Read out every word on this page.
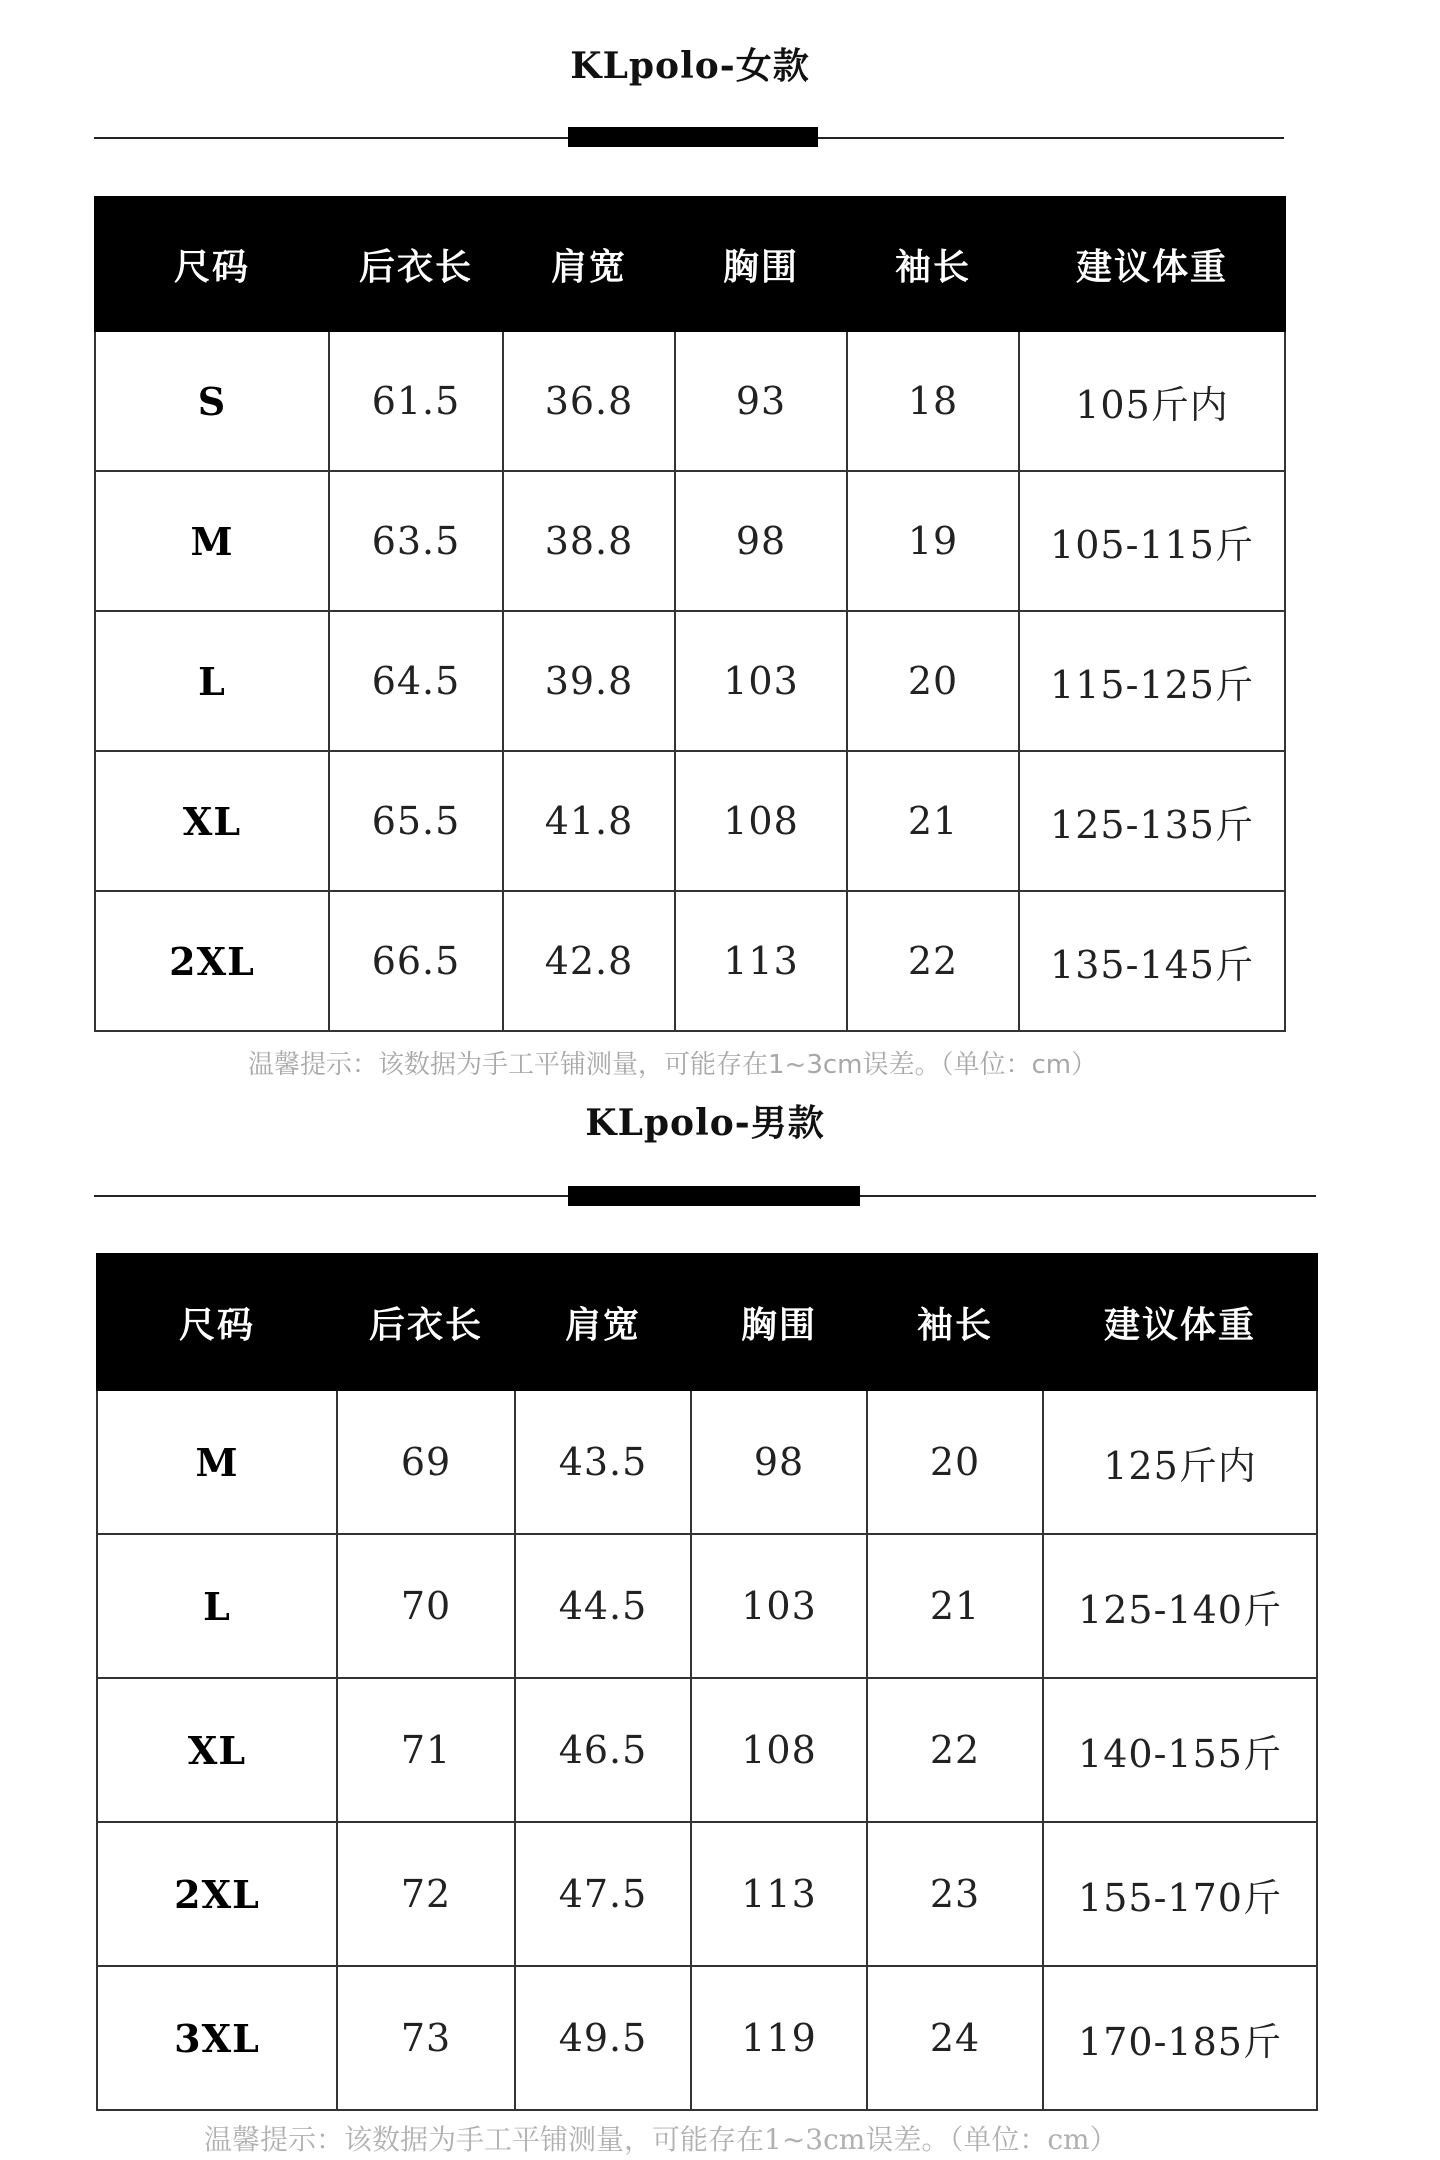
KLpolo-女款
尺码	后衣长	肩宽	胸围	袖长	建议体重
S	61.5	36.8	93	18	105斤内
M	63.5	38.8	98	19	105-115斤
L	64.5	39.8	103	20	115-125斤
XL	65.5	41.8	108	21	125-135斤
2XL	66.5	42.8	113	22	135-145斤
温馨提示：该数据为手工平铺测量，可能存在1~3cm误差。（单位：cm）
KLpolo-男款
尺码	后衣长	肩宽	胸围	袖长	建议体重
M	69	43.5	98	20	125斤内
L	70	44.5	103	21	125-140斤
XL	71	46.5	108	22	140-155斤
2XL	72	47.5	113	23	155-170斤
3XL	73	49.5	119	24	170-185斤
温馨提示：该数据为手工平铺测量，可能存在1~3cm误差。（单位：cm）
